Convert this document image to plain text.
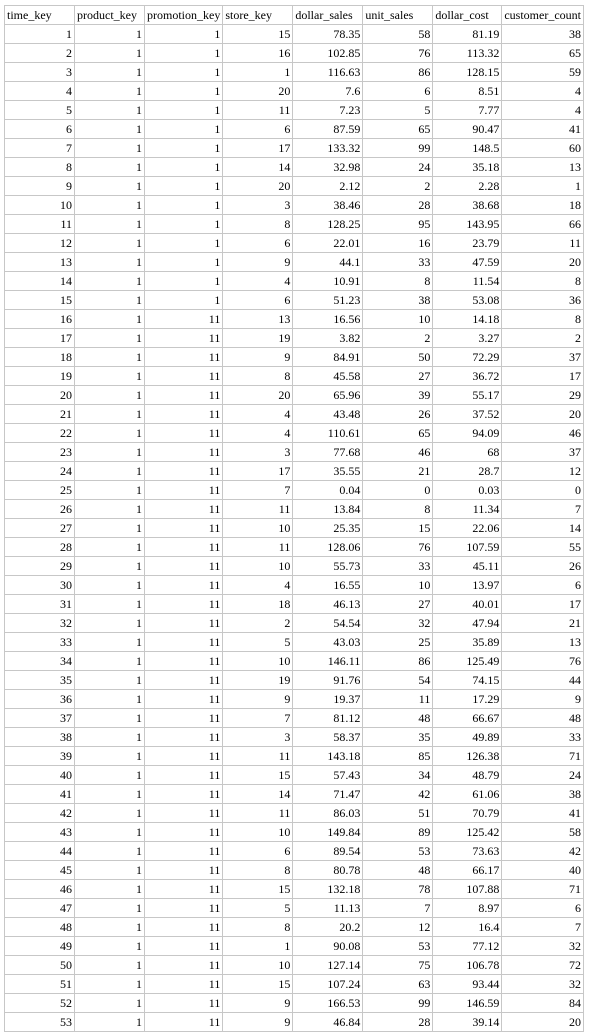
time_key	product_key	promotion_key	store_key	dollar_sales	unit_sales	dollar_cost	customer_count
1	1	1	15	78.35	58	81.19	38
2	1	1	16	102.85	76	113.32	65
3	1	1	1	116.63	86	128.15	59
4	1	1	20	7.6	6	8.51	4
5	1	1	11	7.23	5	7.77	4
6	1	1	6	87.59	65	90.47	41
7	1	1	17	133.32	99	148.5	60
8	1	1	14	32.98	24	35.18	13
9	1	1	20	2.12	2	2.28	1
10	1	1	3	38.46	28	38.68	18
11	1	1	8	128.25	95	143.95	66
12	1	1	6	22.01	16	23.79	11
13	1	1	9	44.1	33	47.59	20
14	1	1	4	10.91	8	11.54	8
15	1	1	6	51.23	38	53.08	36
16	1	11	13	16.56	10	14.18	8
17	1	11	19	3.82	2	3.27	2
18	1	11	9	84.91	50	72.29	37
19	1	11	8	45.58	27	36.72	17
20	1	11	20	65.96	39	55.17	29
21	1	11	4	43.48	26	37.52	20
22	1	11	4	110.61	65	94.09	46
23	1	11	3	77.68	46	68	37
24	1	11	17	35.55	21	28.7	12
25	1	11	7	0.04	0	0.03	0
26	1	11	11	13.84	8	11.34	7
27	1	11	10	25.35	15	22.06	14
28	1	11	11	128.06	76	107.59	55
29	1	11	10	55.73	33	45.11	26
30	1	11	4	16.55	10	13.97	6
31	1	11	18	46.13	27	40.01	17
32	1	11	2	54.54	32	47.94	21
33	1	11	5	43.03	25	35.89	13
34	1	11	10	146.11	86	125.49	76
35	1	11	19	91.76	54	74.15	44
36	1	11	9	19.37	11	17.29	9
37	1	11	7	81.12	48	66.67	48
38	1	11	3	58.37	35	49.89	33
39	1	11	11	143.18	85	126.38	71
40	1	11	15	57.43	34	48.79	24
41	1	11	14	71.47	42	61.06	38
42	1	11	11	86.03	51	70.79	41
43	1	11	10	149.84	89	125.42	58
44	1	11	6	89.54	53	73.63	42
45	1	11	8	80.78	48	66.17	40
46	1	11	15	132.18	78	107.88	71
47	1	11	5	11.13	7	8.97	6
48	1	11	8	20.2	12	16.4	7
49	1	11	1	90.08	53	77.12	32
50	1	11	10	127.14	75	106.78	72
51	1	11	15	107.24	63	93.44	32
52	1	11	9	166.53	99	146.59	84
53	1	11	9	46.84	28	39.14	20
